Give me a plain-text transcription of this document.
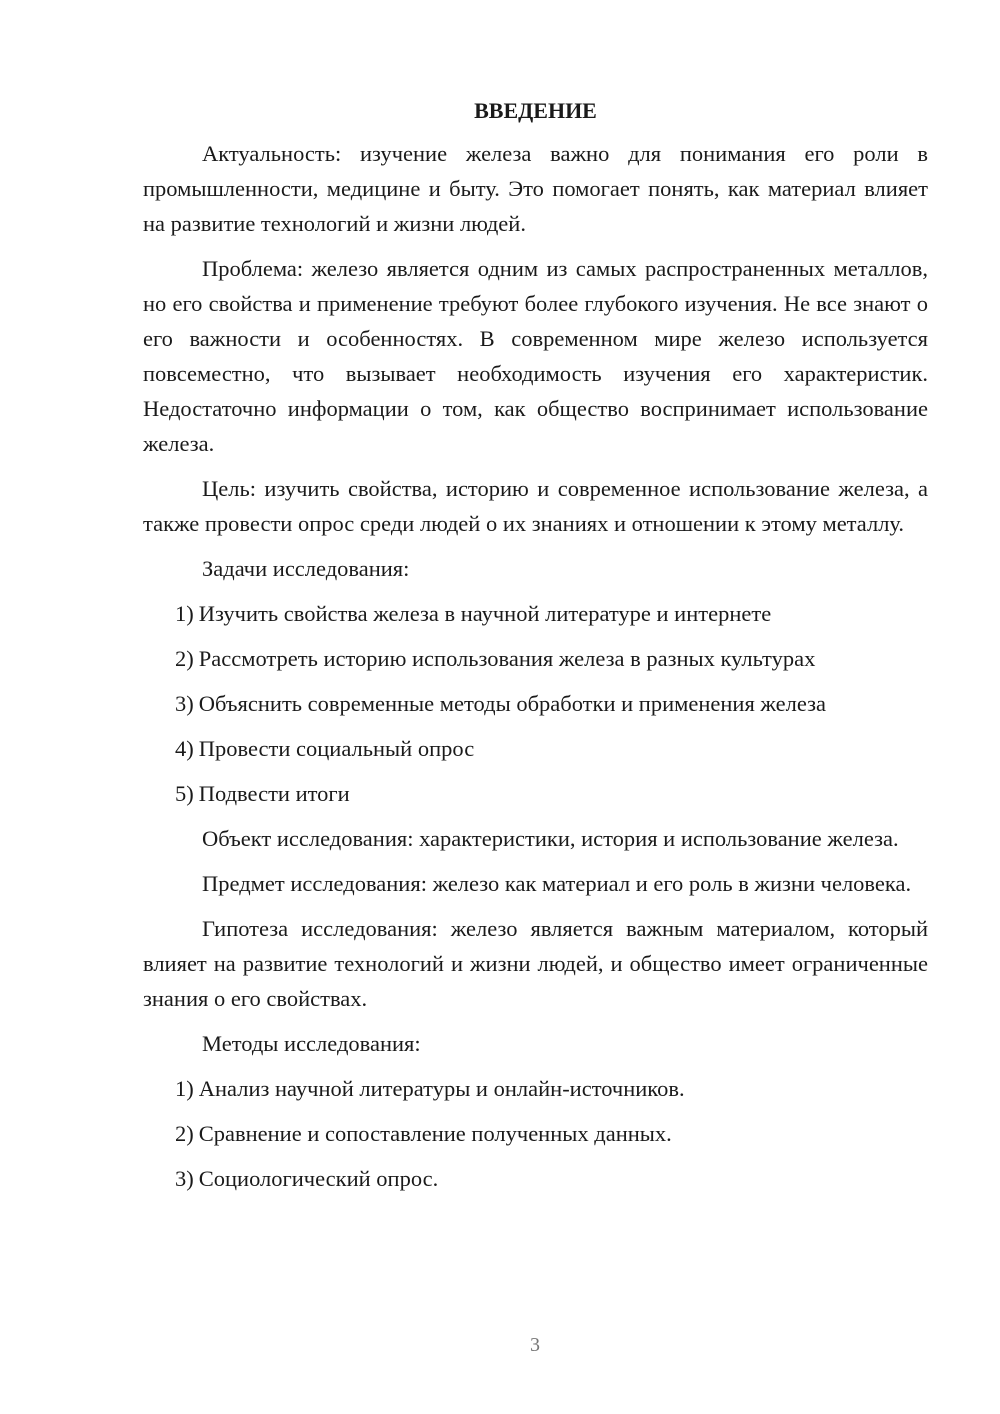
ВВЕДЕНИЕ

Актуальность: изучение железа важно для понимания его роли в промышленности, медицине и быту. Это помогает понять, как материал влияет на развитие технологий и жизни людей.

Проблема: железо является одним из самых распространенных металлов, но его свойства и применение требуют более глубокого изучения. Не все знают о его важности и особенностях. В современном мире железо используется повсеместно, что вызывает необходимость изучения его характеристик. Недостаточно информации о том, как общество воспринимает использование железа.

Цель: изучить свойства, историю и современное использование железа, а также провести опрос среди людей о их знаниях и отношении к этому металлу.

Задачи исследования:

1) Изучить свойства железа в научной литературе и интернете

2) Рассмотреть историю использования железа в разных культурах

3) Объяснить современные методы обработки и применения железа

4) Провести социальный опрос

5) Подвести итоги

Объект исследования: характеристики, история и использование железа.

Предмет исследования: железо как материал и его роль в жизни человека.

Гипотеза исследования: железо является важным материалом, который влияет на развитие технологий и жизни людей, и общество имеет ограниченные знания о его свойствах.

Методы исследования:

1) Анализ научной литературы и онлайн-источников.

2) Сравнение и сопоставление полученных данных.

3) Социологический опрос.

3
